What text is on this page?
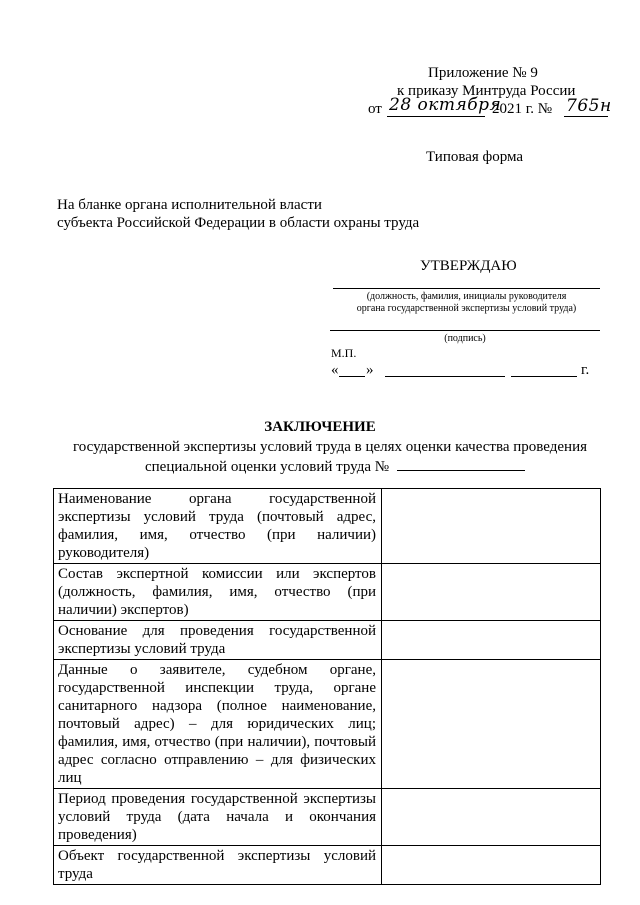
Приложение № 9
к приказу Минтруда России
от 28 октября
2021 г. № 765н
Типовая форма
На бланке органа исполнительной власти
субъекта Российской Федерации в области охраны труда
УТВЕРЖДАЮ
(должность, фамилия, инициалы руководителя
органа государственной экспертизы условий труда)
(подпись)
М.П.
« »	г.
ЗАКЛЮЧЕНИЕ
государственной экспертизы условий труда в целях оценки качества проведения
специальной оценки условий труда №
Наименование органа государственной экспертизы условий труда (почтовый адрес, фамилия, имя, отчество (при наличии) руководителя)	
Состав экспертной комиссии или экспертов (должность, фамилия, имя, отчество (при наличии) экспертов)	
Основание для проведения государственной экспертизы условий труда	
Данные о заявителе, судебном органе, государственной инспекции труда, органе санитарного надзора (полное наименование, почтовый адрес) – для юридических лиц; фамилия, имя, отчество (при наличии), почтовый адрес согласно отправлению – для физических лиц	
Период проведения государственной экспертизы условий труда (дата начала и окончания проведения)	
Объект государственной экспертизы условий труда	
